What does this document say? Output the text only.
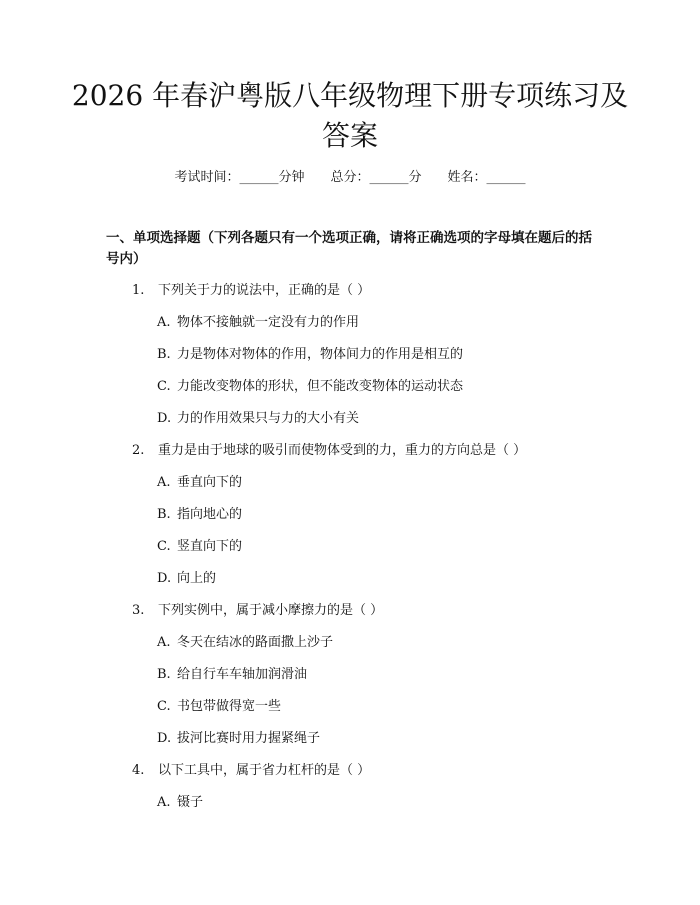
2026 年春沪粤版八年级物理下册专项练习及答案
考试时间：______分钟 总分：______分 姓名：______
一、单项选择题（下列各题只有一个选项正确，请将正确选项的字母填在题后的括号内）
1. 下列关于力的说法中，正确的是（ ）
A. 物体不接触就一定没有力的作用
B. 力是物体对物体的作用，物体间力的作用是相互的
C. 力能改变物体的形状，但不能改变物体的运动状态
D. 力的作用效果只与力的大小有关
2. 重力是由于地球的吸引而使物体受到的力，重力的方向总是（ ）
A. 垂直向下的
B. 指向地心的
C. 竖直向下的
D. 向上的
3. 下列实例中，属于减小摩擦力的是（ ）
A. 冬天在结冰的路面撒上沙子
B. 给自行车车轴加润滑油
C. 书包带做得宽一些
D. 拔河比赛时用力握紧绳子
4. 以下工具中，属于省力杠杆的是（ ）
A. 镊子
